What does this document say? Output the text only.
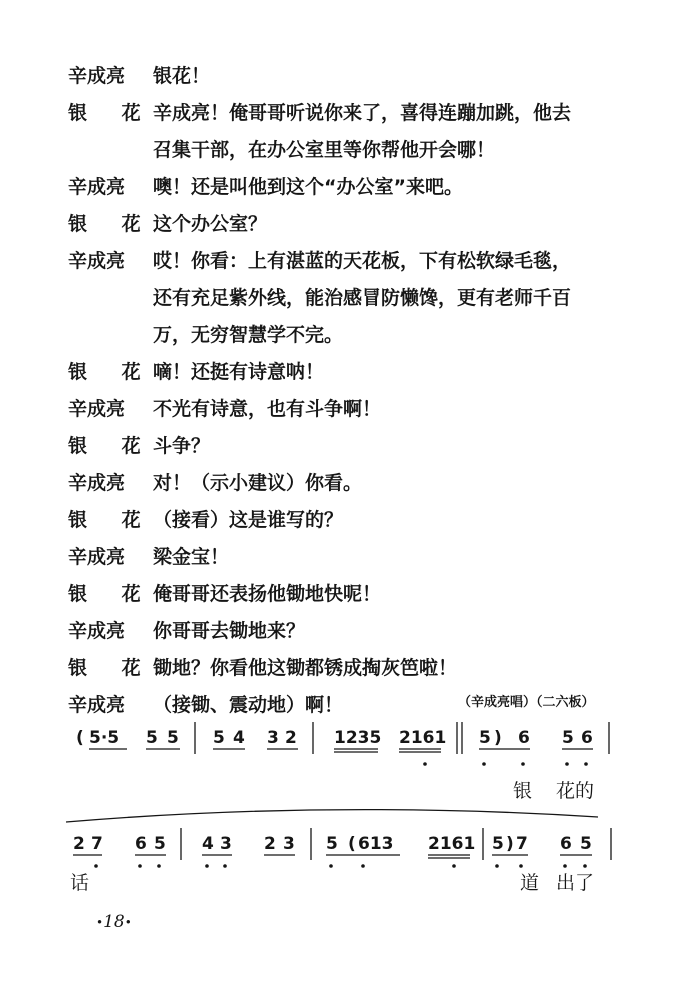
辛成亮 银花！
银 花
辛成亮！俺哥哥听说你来了，喜得连蹦加跳，他去
召集干部，在办公室里等你帮他开会哪！
辛成亮 噢！还是叫他到这个“办公室”来吧。
银 花
这个办公室？
辛成亮 哎！你看：上有湛蓝的天花板，下有松软绿毛毯，
还有充足紫外线，能治感冒防懒馋，更有老师千百
万，无穷智慧学不完。
银 花
嘀！还挺有诗意呐！
辛成亮 不光有诗意，也有斗争啊！
银 花
斗争？
辛成亮 对！（示小建议）你看。
银 花
（接看）这是谁写的？
辛成亮 梁金宝！
银 花
俺哥哥还表扬他锄地快呢！
辛成亮 你哥哥去锄地来？
银 花
锄地？你看他这锄都锈成掏灰笆啦！
辛成亮 （接锄、震动地）啊！	（辛成亮唱）（二六板）
( 5·5 5 5 5 4 3 2 1235 2161 5 ) 6 5 6
银 花的
2 7 6 5 4 3 2 3 5 ( 613 2161 5 ) 7 6 5
话	道 出了
•18•
